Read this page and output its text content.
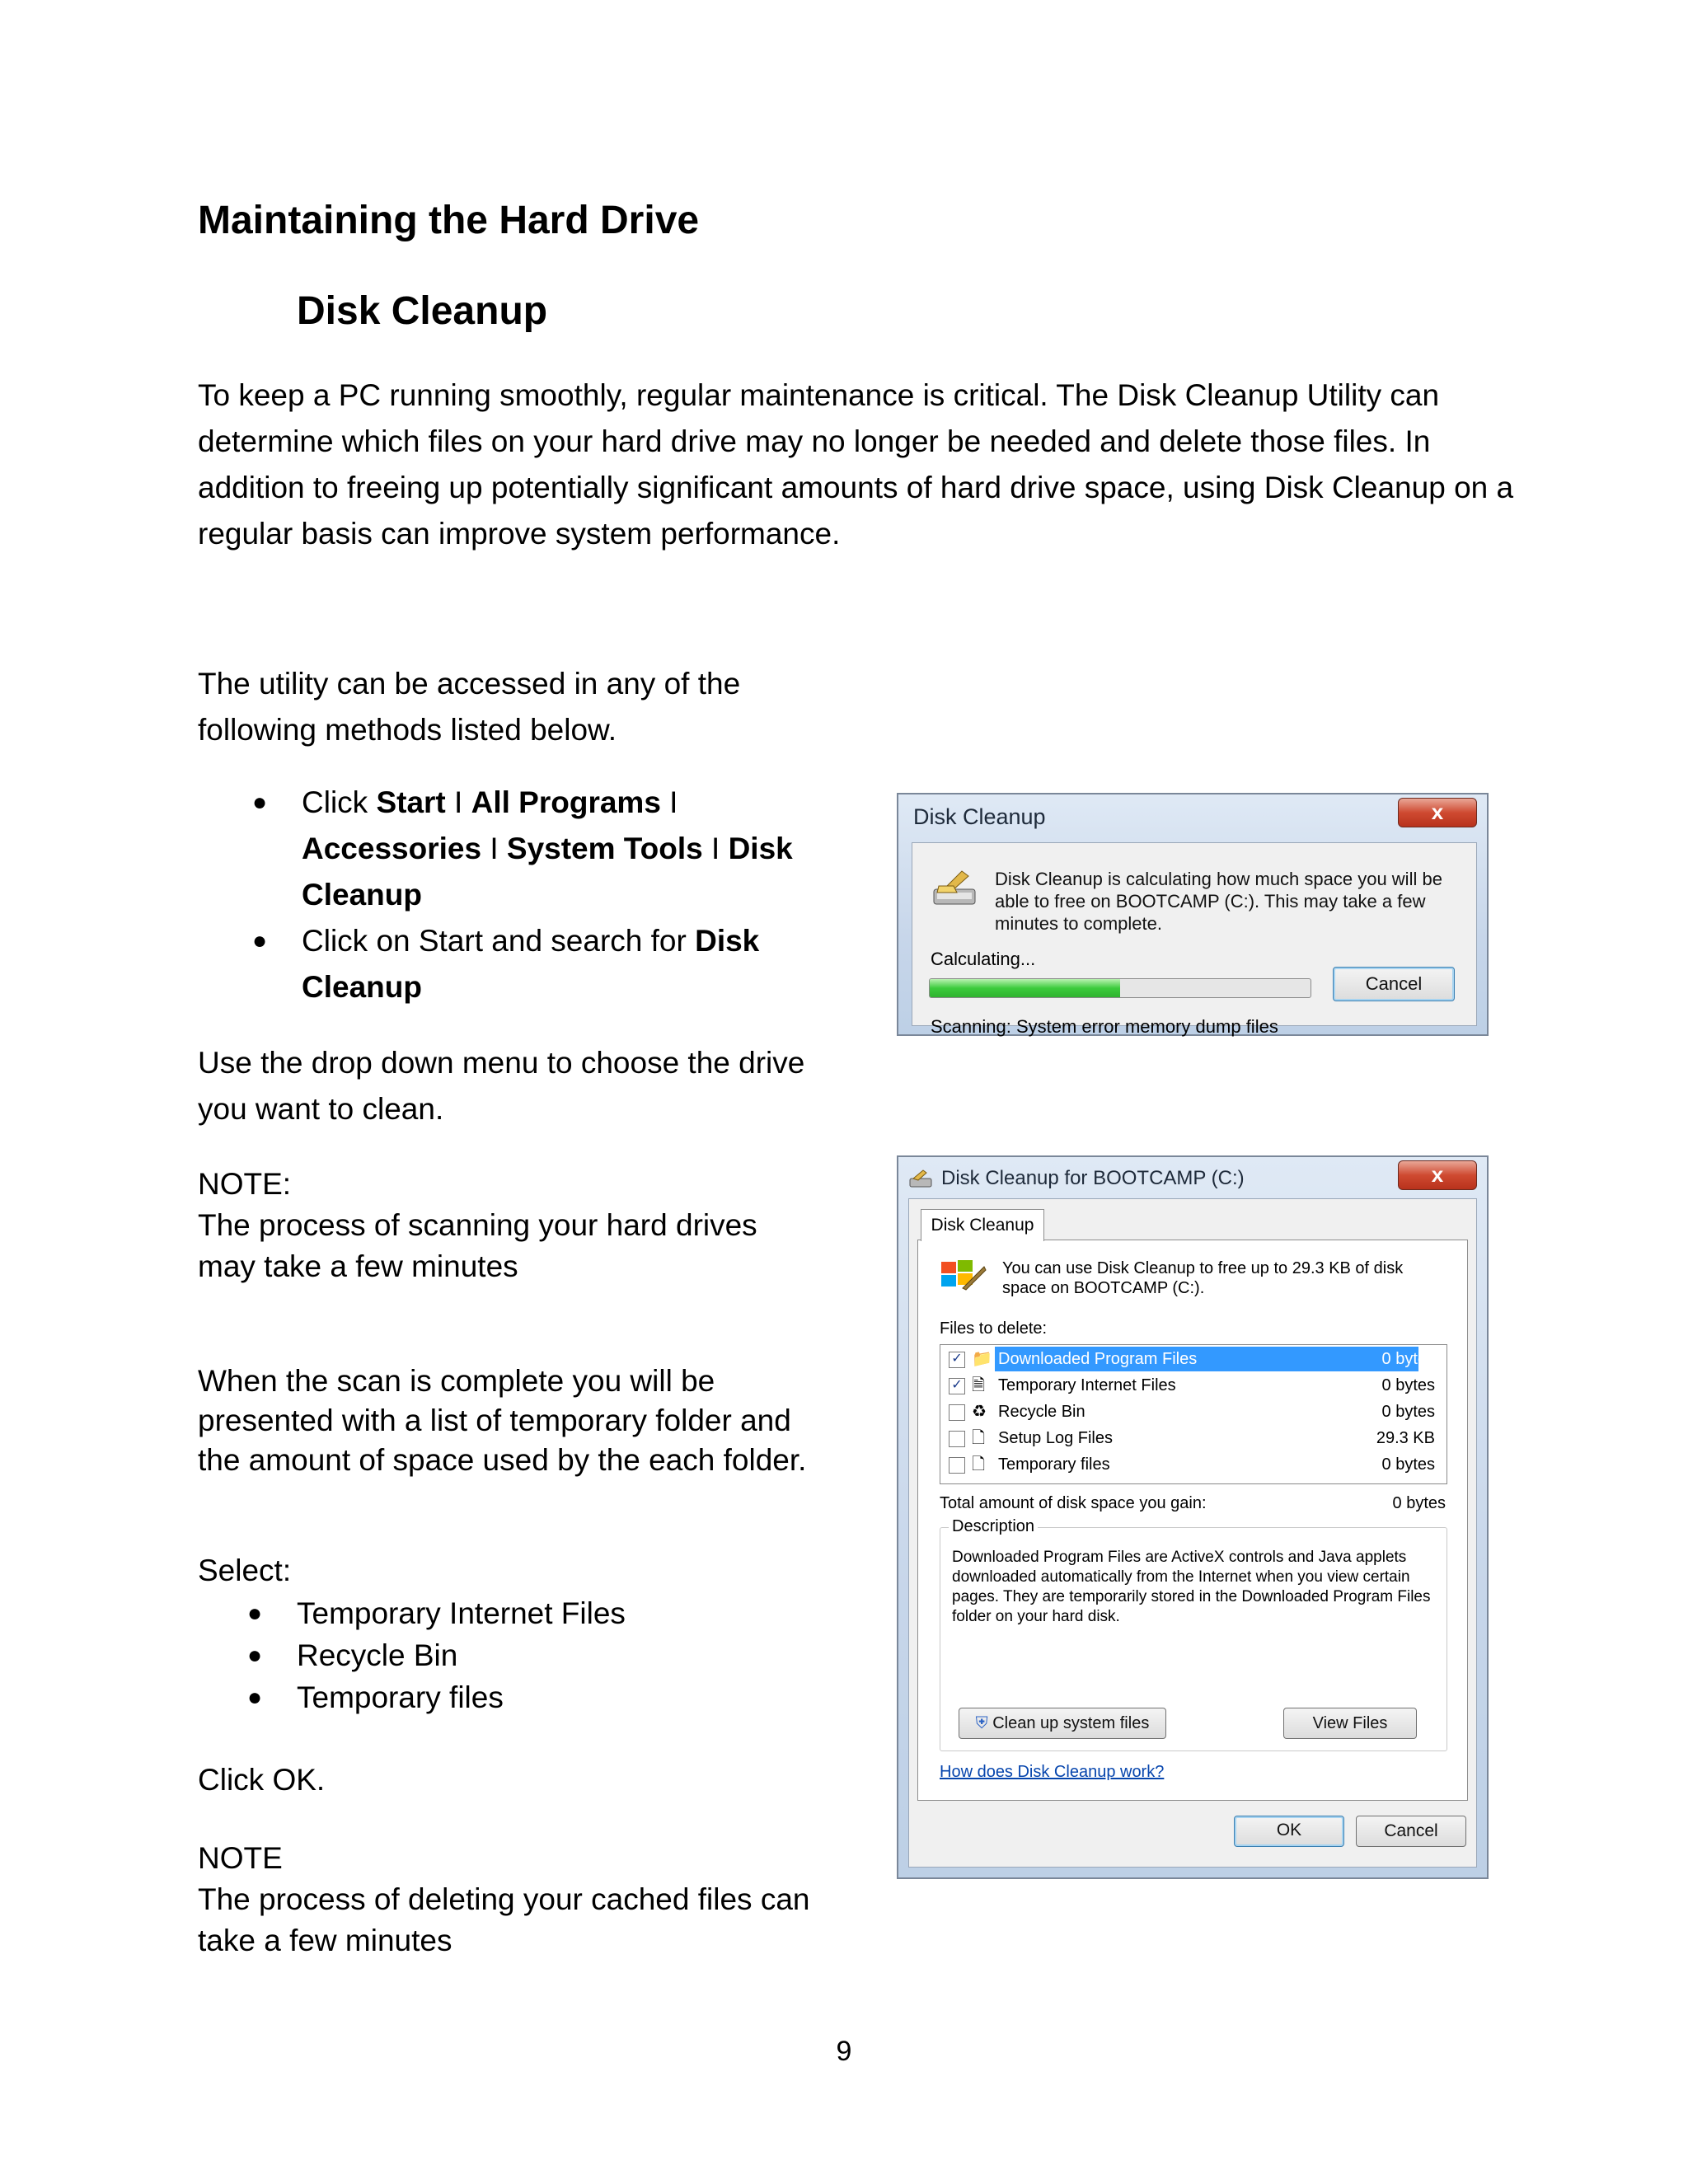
Maintaining the Hard Drive
Disk Cleanup
To keep a PC running smoothly, regular maintenance is critical. The Disk Cleanup Utility can determine which files on your hard drive may no longer be needed and delete those files. In addition to freeing up potentially significant amounts of hard drive space, using Disk Cleanup on a regular basis can improve system performance.
The utility can be accessed in any of the following methods listed below.
● Click Start I All Programs I Accessories I System Tools I Disk Cleanup
● Click on Start and search for Disk Cleanup
Use the drop down menu to choose the drive you want to clean.
NOTE:
The process of scanning your hard drives may take a few minutes
When the scan is complete you will be presented with a list of temporary folder and the amount of space used by the each folder.
Select:
● Temporary Internet Files
● Recycle Bin
● Temporary files
Click OK.
NOTE
The process of deleting your cached files can take a few minutes
9
Disk Cleanup	x
Disk Cleanup is calculating how much space you will be able to free on BOOTCAMP (C:). This may take a few minutes to complete.
Calculating...
Cancel
Scanning: System error memory dump files
Disk Cleanup for BOOTCAMP (C:)	x
Disk Cleanup
You can use Disk Cleanup to free up to 29.3 KB of disk space on BOOTCAMP (C:).
Files to delete:
✓ 📁 Downloaded Program Files	0 bytes
✓ 🗎 Temporary Internet Files	0 bytes
♻ Recycle Bin	0 bytes
🗋 Setup Log Files	29.3 KB
🗋 Temporary files	0 bytes
Total amount of disk space you gain:	0 bytes
Description
Downloaded Program Files are ActiveX controls and Java applets downloaded automatically from the Internet when you view certain pages. They are temporarily stored in the Downloaded Program Files folder on your hard disk.
⛨ Clean up system files	View Files
How does Disk Cleanup work?
OK	Cancel
